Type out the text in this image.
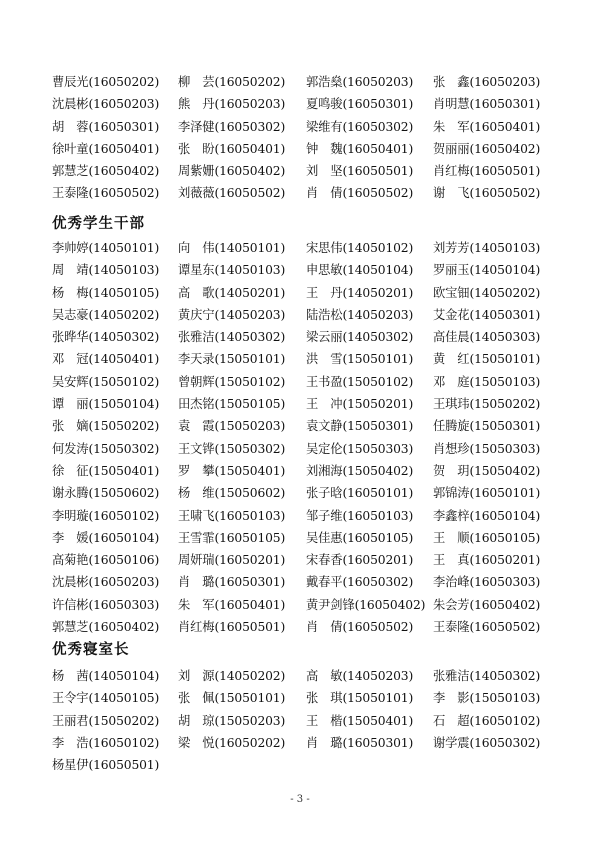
曹辰光(16050202) 柳　芸(16050202) 郭浩燊(16050203) 张　鑫(16050203)
沈晨彬(16050203) 熊　丹(16050203) 夏鸣骏(16050301) 肖明慧(16050301)
胡　蓉(16050301) 李泽健(16050302) 梁维有(16050302) 朱　军(16050401)
徐叶童(16050401) 张　盼(16050401) 钟　魏(16050401) 贺丽丽(16050402)
郭慧芝(16050402) 周紫姗(16050402) 刘　坚(16050501) 肖红梅(16050501)
王泰隆(16050502) 刘薇薇(16050502) 肖　倩(16050502) 谢　飞(16050502)
优秀学生干部
李帅婷(14050101) 向　伟(14050101) 宋思伟(14050102) 刘芳芳(14050103)
周　靖(14050103) 谭星东(14050103) 申思敏(14050104) 罗丽玉(14050104)
杨　梅(14050105) 高　歌(14050201) 王　丹(14050201) 欧宝钿(14050202)
吴志豪(14050202) 黄庆宁(14050203) 陆浩松(14050203) 艾金花(14050301)
张晔华(14050302) 张雅洁(14050302) 梁云丽(14050302) 高佳晨(14050303)
邓　冠(14050401) 李天录(15050101) 洪　雪(15050101) 黄　红(15050101)
吴安辉(15050102) 曾朝辉(15050102) 王书盈(15050102) 邓　庭(15050103)
谭　丽(15050104) 田杰铭(15050105) 王　冲(15050201) 王琪玮(15050202)
张　嫡(15050202) 袁　霞(15050203) 袁文静(15050301) 任腾旋(15050301)
何发涛(15050302) 王文铧(15050302) 吴定伦(15050303) 肖想珍(15050303)
徐　征(15050401) 罗　攀(15050401) 刘湘海(15050402) 贺　玥(15050402)
谢永腾(15050602) 杨　维(15050602) 张子晗(16050101) 郭锦涛(16050101)
李明璇(16050102) 王啸飞(16050103) 邹子维(16050103) 李鑫梓(16050104)
李　媛(16050104) 王雪霏(16050105) 吴佳惠(16050105) 王　顺(16050105)
高菊艳(16050106) 周妍瑞(16050201) 宋春香(16050201) 王　真(16050201)
沈晨彬(16050203) 肖　璐(16050301) 戴春平(16050302) 李治峰(16050303)
许信彬(16050303) 朱　军(16050401) 黄尹剑锋(16050402) 朱会芳(16050402)
郭慧芝(16050402) 肖红梅(16050501) 肖　倩(16050502) 王泰隆(16050502)
优秀寝室长
杨　茜(14050104) 刘　源(14050202) 高　敏(14050203) 张雅洁(14050302)
王令宇(14050105) 张　佩(15050101) 张　琪(15050101) 李　影(15050103)
王丽君(15050202) 胡　琼(15050203) 王　楷(15050401) 石　超(16050102)
李　浩(16050102) 梁　悦(16050202) 肖　璐(16050301) 谢学震(16050302)
杨星伊(16050501)
- 3 -
